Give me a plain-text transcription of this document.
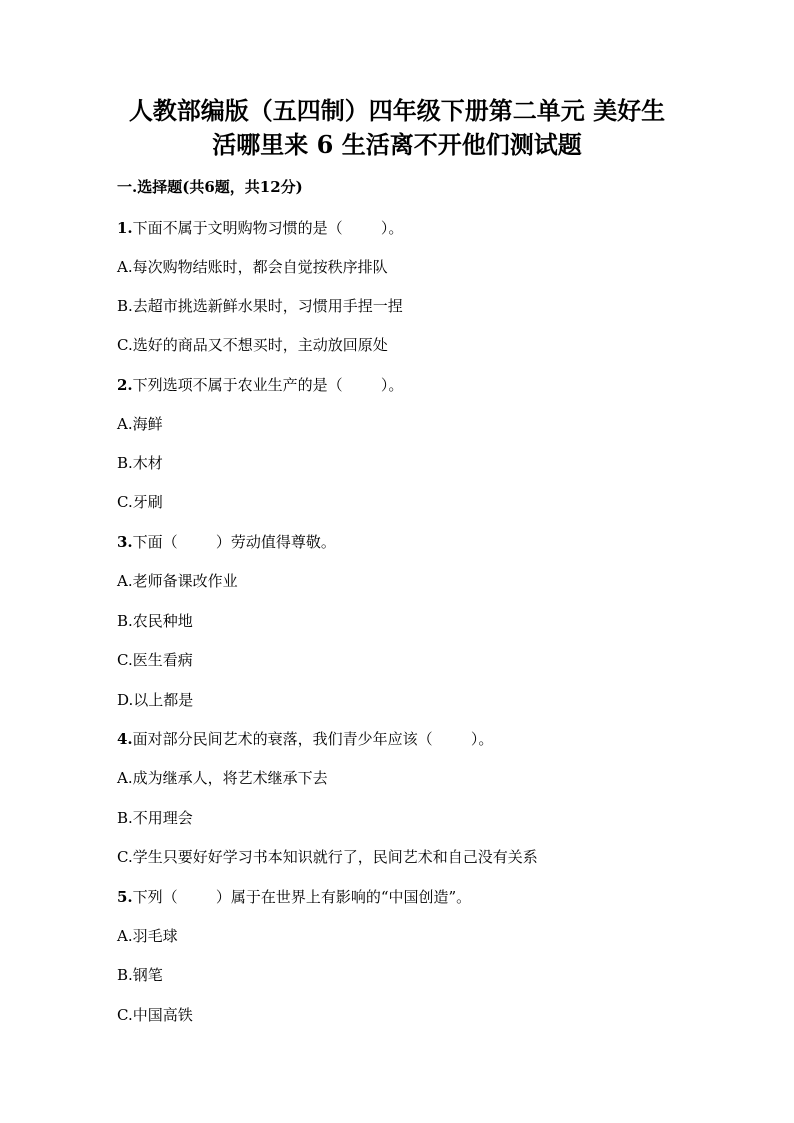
人教部编版（五四制）四年级下册第二单元 美好生
活哪里来 6 生活离不开他们测试题
一.选择题(共6题，共12分)
1.下面不属于文明购物习惯的是（	）。
A.每次购物结账时，都会自觉按秩序排队
B.去超市挑选新鲜水果时，习惯用手捏一捏
C.选好的商品又不想买时，主动放回原处
2.下列选项不属于农业生产的是（	）。
A.海鲜
B.木材
C.牙刷
3.下面（	）劳动值得尊敬。
A.老师备课改作业
B.农民种地
C.医生看病
D.以上都是
4.面对部分民间艺术的衰落，我们青少年应该（	）。
A.成为继承人，将艺术继承下去
B.不用理会
C.学生只要好好学习书本知识就行了，民间艺术和自己没有关系
5.下列（	）属于在世界上有影响的“中国创造”。
A.羽毛球
B.钢笔
C.中国高铁
